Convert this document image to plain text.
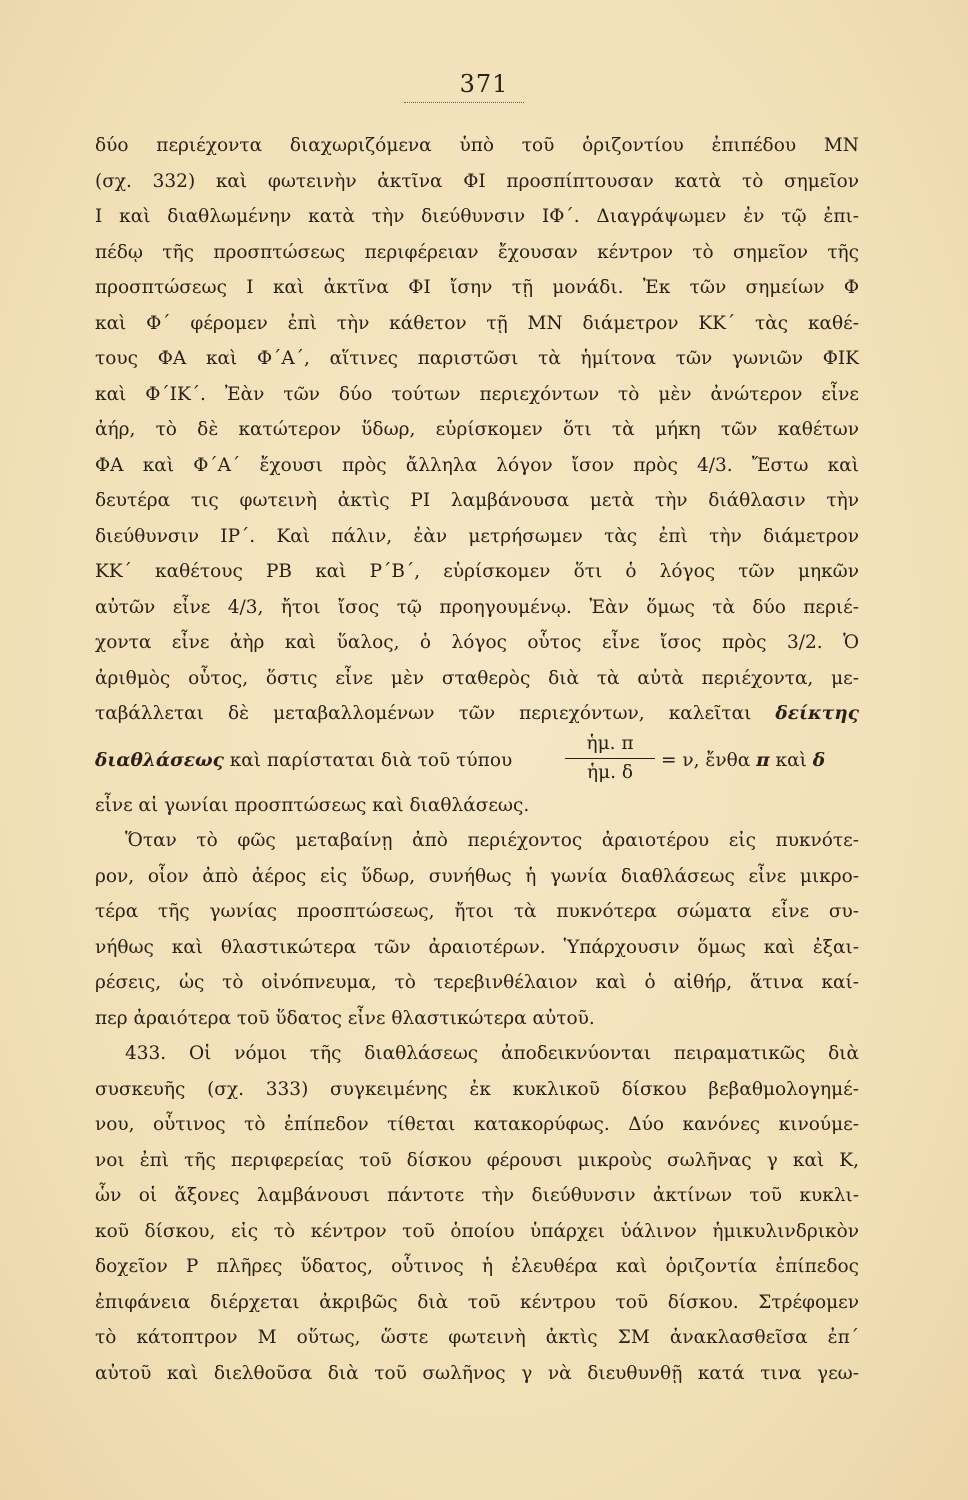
371
δύο περιέχοντα διαχωριζόμενα ὑπὸ τοῦ ὁριζοντίου ἐπιπέδου ΜΝ
(σχ. 332) καὶ φωτεινὴν ἀκτῖνα ΦΙ προσπίπτουσαν κατὰ τὸ σημεῖον
Ι καὶ διαθλωμένην κατὰ τὴν διεύθυνσιν ΙΦ΄. Διαγράψωμεν ἐν τῷ ἐπι-
πέδῳ τῆς προσπτώσεως περιφέρειαν ἔχουσαν κέντρον τὸ σημεῖον τῆς
προσπτώσεως Ι καὶ ἀκτῖνα ΦΙ ἴσην τῇ μονάδι. Ἐκ τῶν σημείων Φ
καὶ Φ΄ φέρομεν ἐπὶ τὴν κάθετον τῇ ΜΝ διάμετρον ΚΚ΄ τὰς καθέ-
τους ΦΑ καὶ Φ΄Α΄, αἵτινες παριστῶσι τὰ ἡμίτονα τῶν γωνιῶν ΦΙΚ
καὶ Φ΄ΙΚ΄. Ἐὰν τῶν δύο τούτων περιεχόντων τὸ μὲν ἀνώτερον εἶνε
ἀήρ, τὸ δὲ κατώτερον ὕδωρ, εὑρίσκομεν ὅτι τὰ μήκη τῶν καθέτων
ΦΑ καὶ Φ΄Α΄ ἔχουσι πρὸς ἄλληλα λόγον ἴσον πρὸς 4/3. Ἔστω καὶ
δευτέρα τις φωτεινὴ ἀκτὶς ΡΙ λαμβάνουσα μετὰ τὴν διάθλασιν τὴν
διεύθυνσιν ΙΡ΄. Καὶ πάλιν, ἐὰν μετρήσωμεν τὰς ἐπὶ τὴν διάμετρον
ΚΚ΄ καθέτους ΡΒ καὶ Ρ΄Β΄, εὑρίσκομεν ὅτι ὁ λόγος τῶν μηκῶν
αὐτῶν εἶνε 4/3, ἤτοι ἴσος τῷ προηγουμένῳ. Ἐὰν ὅμως τὰ δύο περιέ-
χοντα εἶνε ἀὴρ καὶ ὕαλος, ὁ λόγος οὗτος εἶνε ἴσος πρὸς 3/2. Ὁ
ἀριθμὸς οὗτος, ὅστις εἶνε μὲν σταθερὸς διὰ τὰ αὐτὰ περιέχοντα, με-
ταβάλλεται δὲ μεταβαλλομένων τῶν περιεχόντων, καλεῖται δείκτης
διαθλάσεως καὶ παρίσταται διὰ τοῦ τύπου
ἡμ. π
ἡμ. δ
= ν, ἔνθα π καὶ δ
εἶνε αἱ γωνίαι προσπτώσεως καὶ διαθλάσεως.
Ὅταν τὸ φῶς μεταβαίνῃ ἀπὸ περιέχοντος ἀραιοτέρου εἰς πυκνότε-
ρον, οἷον ἀπὸ ἀέρος εἰς ὕδωρ, συνήθως ἡ γωνία διαθλάσεως εἶνε μικρο-
τέρα τῆς γωνίας προσπτώσεως, ἤτοι τὰ πυκνότερα σώματα εἶνε συ-
νήθως καὶ θλαστικώτερα τῶν ἀραιοτέρων. Ὑπάρχουσιν ὅμως καὶ ἐξαι-
ρέσεις, ὡς τὸ οἰνόπνευμα, τὸ τερεβινθέλαιον καὶ ὁ αἰθήρ, ἅτινα καί-
περ ἀραιότερα τοῦ ὕδατος εἶνε θλαστικώτερα αὐτοῦ.
433. Οἱ νόμοι τῆς διαθλάσεως ἀποδεικνύονται πειραματικῶς διὰ
συσκευῆς (σχ. 333) συγκειμένης ἐκ κυκλικοῦ δίσκου βεβαθμολογημέ-
νου, οὗτινος τὸ ἐπίπεδον τίθεται κατακορύφως. Δύο κανόνες κινούμε-
νοι ἐπὶ τῆς περιφερείας τοῦ δίσκου φέρουσι μικροὺς σωλῆνας γ καὶ Κ,
ὧν οἱ ἄξονες λαμβάνουσι πάντοτε τὴν διεύθυνσιν ἀκτίνων τοῦ κυκλι-
κοῦ δίσκου, εἰς τὸ κέντρον τοῦ ὁποίου ὑπάρχει ὑάλινον ἡμικυλινδρικὸν
δοχεῖον Ρ πλῆρες ὕδατος, οὗτινος ἡ ἐλευθέρα καὶ ὁριζοντία ἐπίπεδος
ἐπιφάνεια διέρχεται ἀκριβῶς διὰ τοῦ κέντρου τοῦ δίσκου. Στρέφομεν
τὸ κάτοπτρον Μ οὕτως, ὥστε φωτεινὴ ἀκτὶς ΣΜ ἀνακλασθεῖσα ἐπ΄
αὐτοῦ καὶ διελθοῦσα διὰ τοῦ σωλῆνος γ νὰ διευθυνθῇ κατά τινα γεω-
